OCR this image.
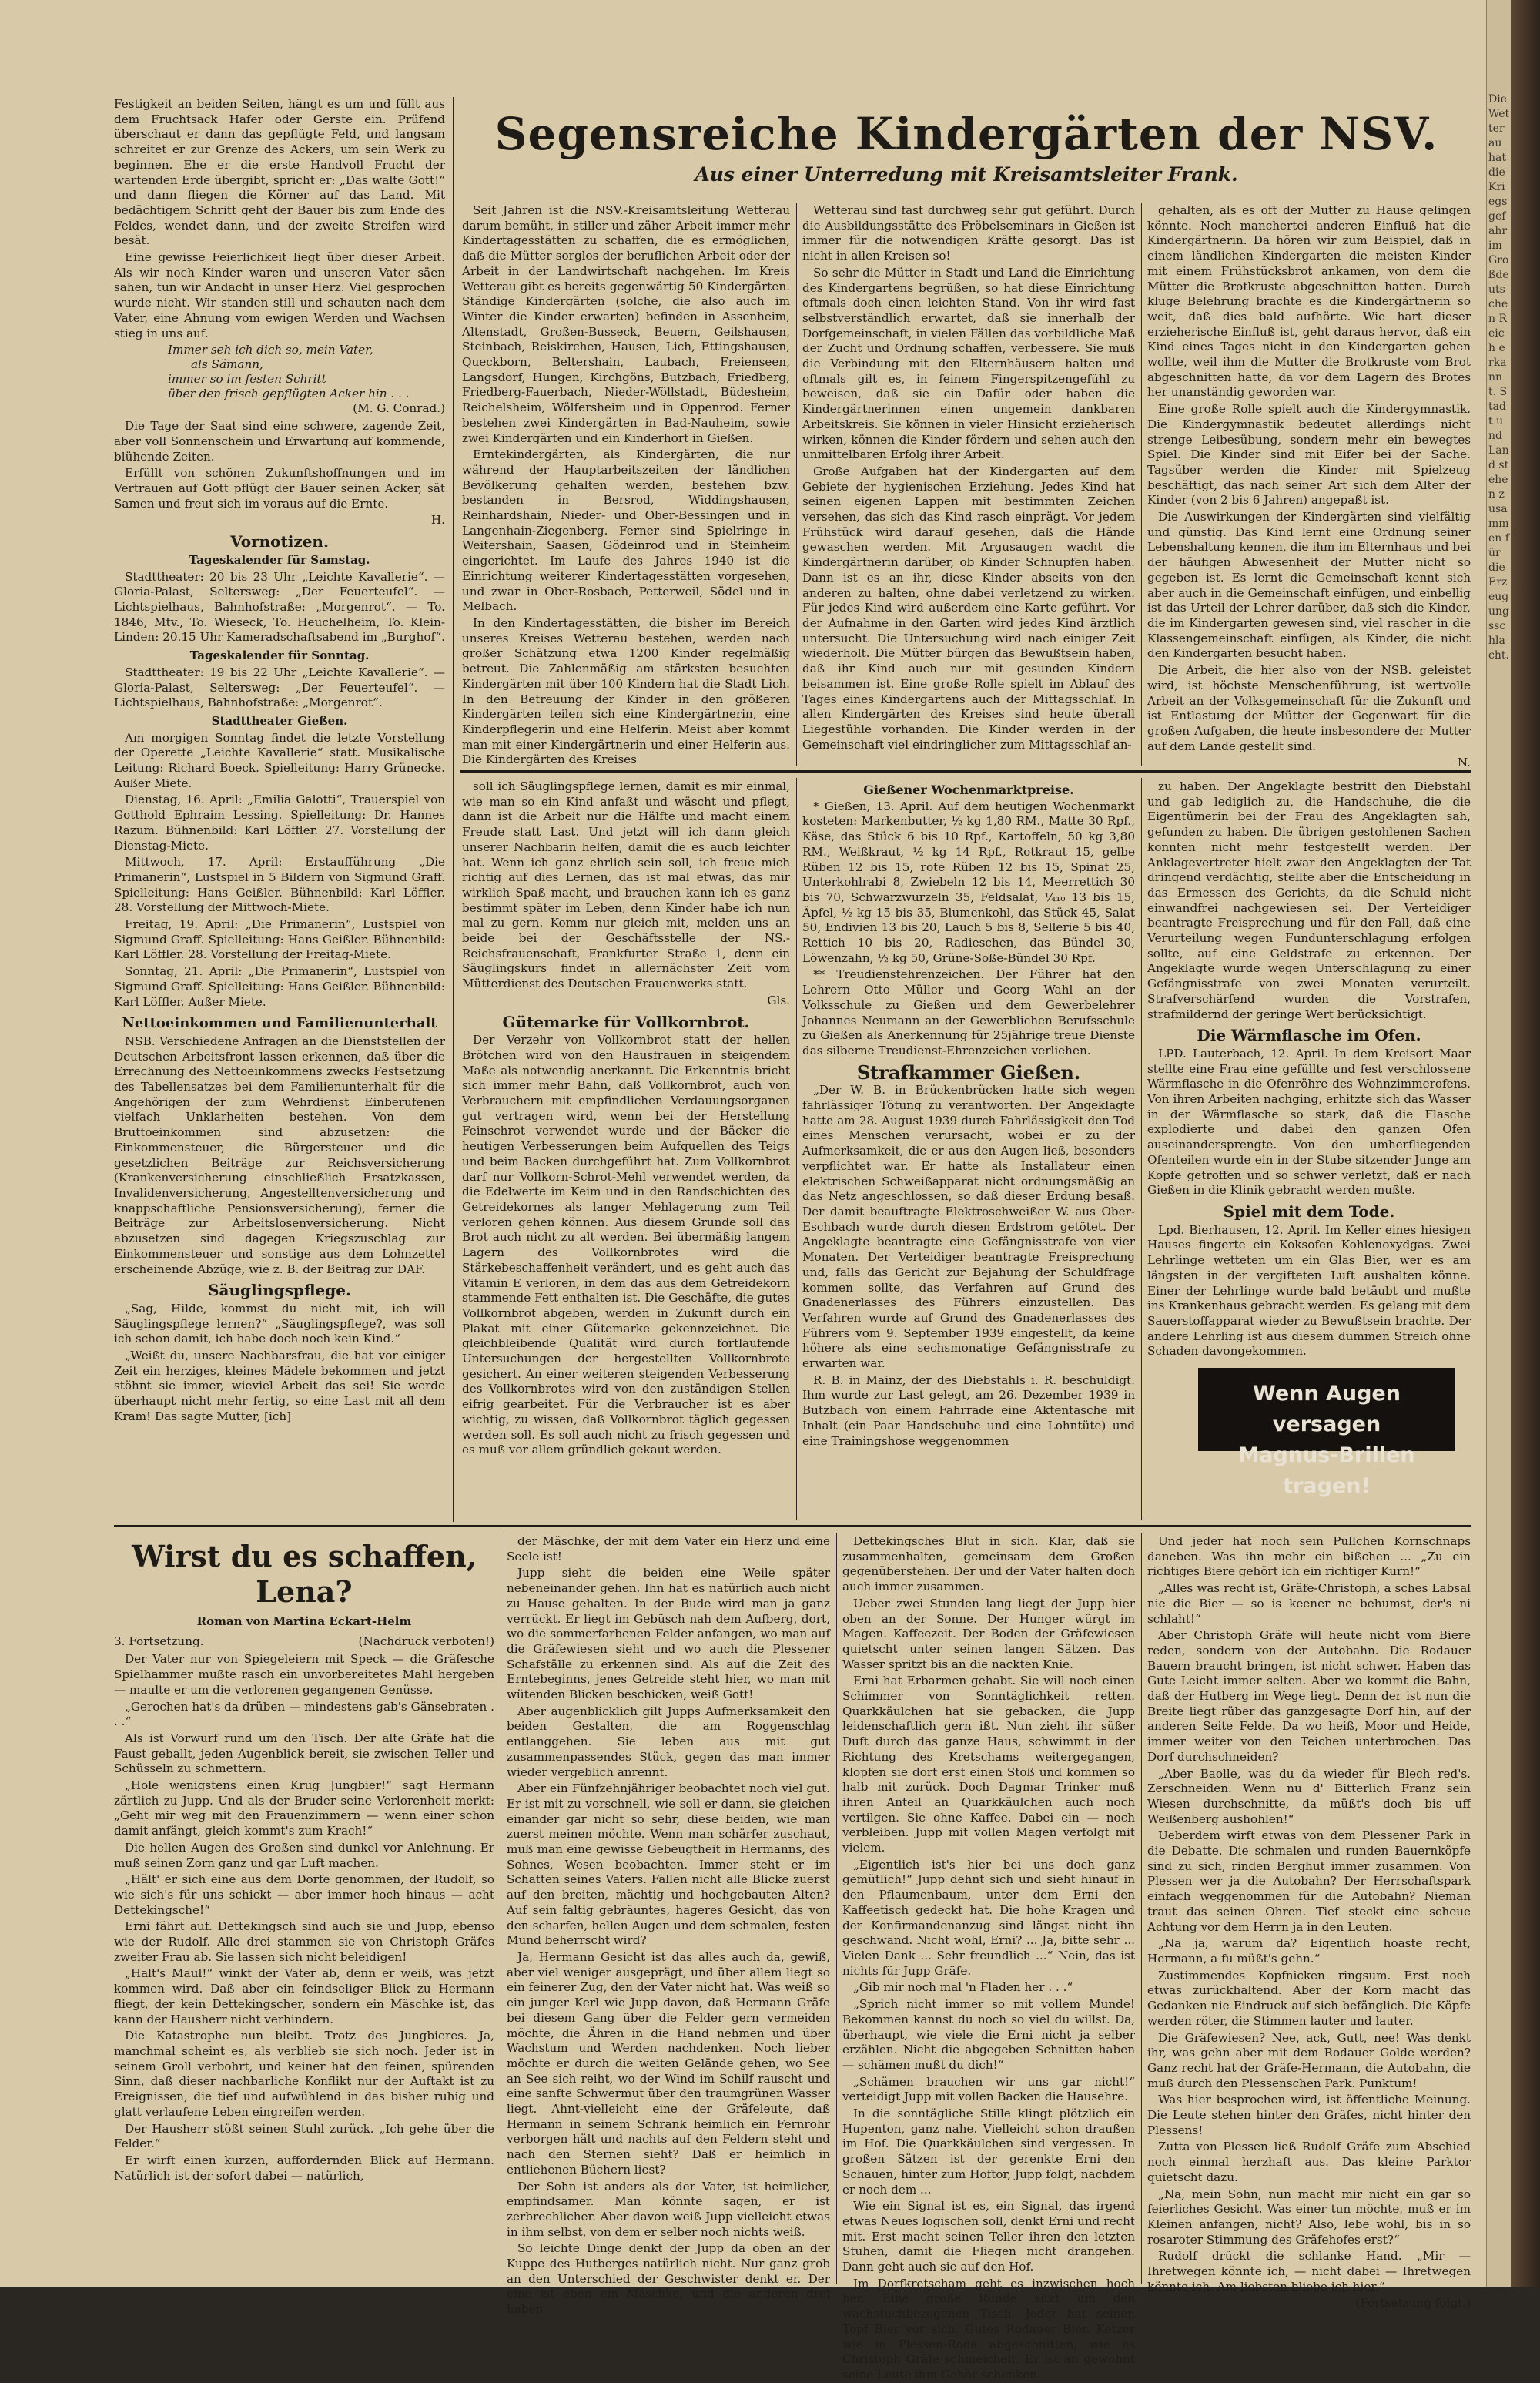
Festigkeit an beiden Seiten, hängt es um und füllt aus dem Fruchtsack Hafer oder Gerste ein. Prüfend überschaut er dann das gepflügte Feld, und langsam schreitet er zur Grenze des Ackers, um sein Werk zu beginnen. Ehe er die erste Handvoll Frucht der wartenden Erde übergibt, spricht er: „Das walte Gott!“ und dann fliegen die Körner auf das Land. Mit bedächtigem Schritt geht der Bauer bis zum Ende des Feldes, wendet dann, und der zweite Streifen wird besät.

Eine gewisse Feierlichkeit liegt über dieser Arbeit. Als wir noch Kinder waren und unseren Vater säen sahen, tun wir Andacht in unser Herz. Viel gesprochen wurde nicht. Wir standen still und schauten nach dem Vater, eine Ahnung vom ewigen Werden und Wachsen stieg in uns auf.

Immer seh ich dich so, mein Vater,
als Sämann,
immer so im festen Schritt
über den frisch gepflügten Acker hin . . .
(M. G. Conrad.)

Die Tage der Saat sind eine schwere, zagende Zeit, aber voll Sonnenschein und Erwartung auf kommende, blühende Zeiten.

Erfüllt von schönen Zukunftshoffnungen und im Vertrauen auf Gott pflügt der Bauer seinen Acker, sät Samen und freut sich im voraus auf die Ernte.

H.
Vornotizen.
Tageskalender für Samstag.

Stadttheater: 20 bis 23 Uhr „Leichte Kavallerie“. — Gloria-Palast, Seltersweg: „Der Feuerteufel“. — Lichtspielhaus, Bahnhofstraße: „Morgenrot“. — To. 1846, Mtv., To. Wieseck, To. Heuchelheim, To. Klein-Linden: 20.15 Uhr Kameradschaftsabend im „Burghof“.

Tageskalender für Sonntag.

Stadttheater: 19 bis 22 Uhr „Leichte Kavallerie“. — Gloria-Palast, Seltersweg: „Der Feuerteufel“. — Lichtspielhaus, Bahnhofstraße: „Morgenrot“.

Stadttheater Gießen.

Am morgigen Sonntag findet die letzte Vorstellung der Operette „Leichte Kavallerie“ statt. Musikalische Leitung: Richard Boeck. Spielleitung: Harry Grünecke. Außer Miete.

Dienstag, 16. April: „Emilia Galotti“, Trauerspiel von Gotthold Ephraim Lessing. Spielleitung: Dr. Hannes Razum. Bühnenbild: Karl Löffler. 27. Vorstellung der Dienstag-Miete.

Mittwoch, 17. April: Erstaufführung „Die Primanerin“, Lustspiel in 5 Bildern von Sigmund Graff. Spielleitung: Hans Geißler. Bühnenbild: Karl Löffler. 28. Vorstellung der Mittwoch-Miete.

Freitag, 19. April: „Die Primanerin“, Lustspiel von Sigmund Graff. Spielleitung: Hans Geißler. Bühnenbild: Karl Löffler. 28. Vorstellung der Freitag-Miete.

Sonntag, 21. April: „Die Primanerin“, Lustspiel von Sigmund Graff. Spielleitung: Hans Geißler. Bühnenbild: Karl Löffler. Außer Miete.

Nettoeinkommen und Familienunterhalt

NSB. Verschiedene Anfragen an die Dienststellen der Deutschen Arbeitsfront lassen erkennen, daß über die Errechnung des Nettoeinkommens zwecks Festsetzung des Tabellensatzes bei dem Familienunterhalt für die Angehörigen der zum Wehrdienst Einberufenen vielfach Unklarheiten bestehen. Von dem Bruttoeinkommen sind abzusetzen: die Einkommensteuer, die Bürgersteuer und die gesetzlichen Beiträge zur Reichsversicherung (Krankenversicherung einschließlich Ersatzkassen, Invalidenversicherung, Angestelltenversicherung und knappschaftliche Pensionsversicherung), ferner die Beiträge zur Arbeitslosenversicherung. Nicht abzusetzen sind dagegen Kriegszuschlag zur Einkommensteuer und sonstige aus dem Lohnzettel erscheinende Abzüge, wie z. B. der Beitrag zur DAF.

Säuglingspflege.

„Sag, Hilde, kommst du nicht mit, ich will Säuglingspflege lernen?“ „Säuglingspflege?, was soll ich schon damit, ich habe doch noch kein Kind.“

„Weißt du, unsere Nachbarsfrau, die hat vor einiger Zeit ein herziges, kleines Mädele bekommen und jetzt stöhnt sie immer, wieviel Arbeit das sei! Sie werde überhaupt nicht mehr fertig, so eine Last mit all dem Kram! Das sagte Mutter, [ich]

Segensreiche Kindergärten der NSV.
Aus einer Unterredung mit Kreisamtsleiter Frank.

Seit Jahren ist die NSV.-Kreisamtsleitung Wetterau darum bemüht, in stiller und zäher Arbeit immer mehr Kindertagesstätten zu schaffen, die es ermöglichen, daß die Mütter sorglos der beruflichen Arbeit oder der Arbeit in der Landwirtschaft nachgehen. Im Kreis Wetterau gibt es bereits gegenwärtig 50 Kindergärten. Ständige Kindergärten (solche, die also auch im Winter die Kinder erwarten) befinden in Assenheim, Altenstadt, Großen-Busseck, Beuern, Geilshausen, Steinbach, Reiskirchen, Hausen, Lich, Ettingshausen, Queckborn, Beltershain, Laubach, Freienseen, Langsdorf, Hungen, Kirchgöns, Butzbach, Friedberg, Friedberg-Fauerbach, Nieder-Wöllstadt, Büdesheim, Reichelsheim, Wölfersheim und in Oppenrod. Ferner bestehen zwei Kindergärten in Bad-Nauheim, sowie zwei Kindergärten und ein Kinderhort in Gießen.

Erntekindergärten, als Kindergärten, die nur während der Hauptarbeitszeiten der ländlichen Bevölkerung gehalten werden, bestehen bzw. bestanden in Bersrod, Widdingshausen, Reinhardshain, Nieder- und Ober-Bessingen und in Langenhain-Ziegenberg. Ferner sind Spielringe in Weitershain, Saasen, Gödeinrod und in Steinheim eingerichtet. Im Laufe des Jahres 1940 ist die Einrichtung weiterer Kindertagesstätten vorgesehen, und zwar in Ober-Rosbach, Petterweil, Södel und in Melbach.

In den Kindertagesstätten, die bisher im Bereich unseres Kreises Wetterau bestehen, werden nach großer Schätzung etwa 1200 Kinder regelmäßig betreut. Die Zahlenmäßig am stärksten besuchten Kindergärten mit über 100 Kindern hat die Stadt Lich. In den Betreuung der Kinder in den größeren Kindergärten teilen sich eine Kindergärtnerin, eine Kinderpflegerin und eine Helferin. Meist aber kommt man mit einer Kindergärtnerin und einer Helferin aus. Die Kindergärten des Kreises

Wetterau sind fast durchweg sehr gut geführt. Durch die Ausbildungsstätte des Fröbelseminars in Gießen ist immer für die notwendigen Kräfte gesorgt. Das ist nicht in allen Kreisen so!

So sehr die Mütter in Stadt und Land die Einrichtung des Kindergartens begrüßen, so hat diese Einrichtung oftmals doch einen leichten Stand. Von ihr wird fast selbstverständlich erwartet, daß sie innerhalb der Dorfgemeinschaft, in vielen Fällen das vorbildliche Maß der Zucht und Ordnung schaffen, verbessere. Sie muß die Verbindung mit den Elternhäusern halten und oftmals gilt es, in feinem Fingerspitzengefühl zu beweisen, daß sie ein Dafür oder haben die Kindergärtnerinnen einen ungemein dankbaren Arbeitskreis. Sie können in vieler Hinsicht erzieherisch wirken, können die Kinder fördern und sehen auch den unmittelbaren Erfolg ihrer Arbeit.

Große Aufgaben hat der Kindergarten auf dem Gebiete der hygienischen Erziehung. Jedes Kind hat seinen eigenen Lappen mit bestimmten Zeichen versehen, das sich das Kind rasch einprägt. Vor jedem Frühstück wird darauf gesehen, daß die Hände gewaschen werden. Mit Argusaugen wacht die Kindergärtnerin darüber, ob Kinder Schnupfen haben. Dann ist es an ihr, diese Kinder abseits von den anderen zu halten, ohne dabei verletzend zu wirken. Für jedes Kind wird außerdem eine Karte geführt. Vor der Aufnahme in den Garten wird jedes Kind ärztlich untersucht. Die Untersuchung wird nach einiger Zeit wiederholt. Die Mütter bürgen das Bewußtsein haben, daß ihr Kind auch nur mit gesunden Kindern beisammen ist. Eine große Rolle spielt im Ablauf des Tages eines Kindergartens auch der Mittagsschlaf. In allen Kindergärten des Kreises sind heute überall Liegestühle vorhanden. Die Kinder werden in der Gemeinschaft viel eindringlicher zum Mittagsschlaf an-

gehalten, als es oft der Mutter zu Hause gelingen könnte. Noch manchertei anderen Einfluß hat die Kindergärtnerin. Da hören wir zum Beispiel, daß in einem ländlichen Kindergarten die meisten Kinder mit einem Frühstücksbrot ankamen, von dem die Mütter die Brotkruste abgeschnitten hatten. Durch kluge Belehrung brachte es die Kindergärtnerin so weit, daß dies bald aufhörte. Wie hart dieser erzieherische Einfluß ist, geht daraus hervor, daß ein Kind eines Tages nicht in den Kindergarten gehen wollte, weil ihm die Mutter die Brotkruste vom Brot abgeschnitten hatte, da vor dem Lagern des Brotes her unanständig geworden war.

Eine große Rolle spielt auch die Kindergymnastik. Die Kindergymnastik bedeutet allerdings nicht strenge Leibesübung, sondern mehr ein bewegtes Spiel. Die Kinder sind mit Eifer bei der Sache. Tagsüber werden die Kinder mit Spielzeug beschäftigt, das nach seiner Art sich dem Alter der Kinder (von 2 bis 6 Jahren) angepaßt ist.

Die Auswirkungen der Kindergärten sind vielfältig und günstig. Das Kind lernt eine Ordnung seiner Lebenshaltung kennen, die ihm im Elternhaus und bei der häufigen Abwesenheit der Mutter nicht so gegeben ist. Es lernt die Gemeinschaft kennt sich aber auch in die Gemeinschaft einfügen, und einbellig ist das Urteil der Lehrer darüber, daß sich die Kinder, die im Kindergarten gewesen sind, viel rascher in die Klassengemeinschaft einfügen, als Kinder, die nicht den Kindergarten besucht haben.

Die Arbeit, die hier also von der NSB. geleistet wird, ist höchste Menschenführung, ist wertvolle Arbeit an der Volksgemeinschaft für die Zukunft und ist Entlastung der Mütter der Gegenwart für die großen Aufgaben, die heute insbesondere der Mutter auf dem Lande gestellt sind.

N.

soll ich Säuglingspflege lernen, damit es mir einmal, wie man so ein Kind anfaßt und wäscht und pflegt, dann ist die Arbeit nur die Hälfte und macht einem Freude statt Last. Und jetzt will ich dann gleich unserer Nachbarin helfen, damit die es auch leichter hat. Wenn ich ganz ehrlich sein soll, ich freue mich richtig auf dies Lernen, das ist mal etwas, das mir wirklich Spaß macht, und brauchen kann ich es ganz bestimmt später im Leben, denn Kinder habe ich nun mal zu gern. Komm nur gleich mit, melden uns an beide bei der Geschäftsstelle der NS.-Reichsfrauenschaft, Frankfurter Straße 1, denn ein Säuglingskurs findet in allernächster Zeit vom Mütterdienst des Deutschen Frauenwerks statt.

Gls.
Gütemarke für Vollkornbrot.

Der Verzehr von Vollkornbrot statt der hellen Brötchen wird von den Hausfrauen in steigendem Maße als notwendig anerkannt. Die Erkenntnis bricht sich immer mehr Bahn, daß Vollkornbrot, auch von Verbrauchern mit empfindlichen Verdauungsorganen gut vertragen wird, wenn bei der Herstellung Feinschrot verwendet wurde und der Bäcker die heutigen Verbesserungen beim Aufquellen des Teigs und beim Backen durchgeführt hat. Zum Vollkornbrot darf nur Vollkorn-Schrot-Mehl verwendet werden, da die Edelwerte im Keim und in den Randschichten des Getreidekornes als langer Mehlagerung zum Teil verloren gehen können. Aus diesem Grunde soll das Brot auch nicht zu alt werden. Bei übermäßig langem Lagern des Vollkornbrotes wird die Stärkebeschaffenheit verändert, und es geht auch das Vitamin E verloren, in dem das aus dem Getreidekorn stammende Fett enthalten ist. Die Geschäfte, die gutes Vollkornbrot abgeben, werden in Zukunft durch ein Plakat mit einer Gütemarke gekennzeichnet. Die gleichbleibende Qualität wird durch fortlaufende Untersuchungen der hergestellten Vollkornbrote gesichert. An einer weiteren steigenden Verbesserung des Vollkornbrotes wird von den zuständigen Stellen eifrig gearbeitet. Für die Verbraucher ist es aber wichtig, zu wissen, daß Vollkornbrot täglich gegessen werden soll. Es soll auch nicht zu frisch gegessen und es muß vor allem gründlich gekaut werden.

Gießener Wochenmarktpreise.

* Gießen, 13. April. Auf dem heutigen Wochenmarkt kosteten: Markenbutter, ½ kg 1,80 RM., Matte 30 Rpf., Käse, das Stück 6 bis 10 Rpf., Kartoffeln, 50 kg 3,80 RM., Weißkraut, ½ kg 14 Rpf., Rotkraut 15, gelbe Rüben 12 bis 15, rote Rüben 12 bis 15, Spinat 25, Unterkohlrabi 8, Zwiebeln 12 bis 14, Meerrettich 30 bis 70, Schwarzwurzeln 35, Feldsalat, ¼₁₀ 13 bis 15, Äpfel, ½ kg 15 bis 35, Blumenkohl, das Stück 45, Salat 50, Endivien 13 bis 20, Lauch 5 bis 8, Sellerie 5 bis 40, Rettich 10 bis 20, Radieschen, das Bündel 30, Löwenzahn, ½ kg 50, Grüne-Soße-Bündel 30 Rpf.

** Treudienstehrenzeichen. Der Führer hat den Lehrern Otto Müller und Georg Wahl an der Volksschule zu Gießen und dem Gewerbelehrer Johannes Neumann an der Gewerblichen Berufsschule zu Gießen als Anerkennung für 25jährige treue Dienste das silberne Treudienst-Ehrenzeichen verliehen.

Strafkammer Gießen.

„Der W. B. in Brückenbrücken hatte sich wegen fahrlässiger Tötung zu verantworten. Der Angeklagte hatte am 28. August 1939 durch Fahrlässigkeit den Tod eines Menschen verursacht, wobei er zu der Aufmerksamkeit, die er aus den Augen ließ, besonders verpflichtet war. Er hatte als Installateur einen elektrischen Schweißapparat nicht ordnungsmäßig an das Netz angeschlossen, so daß dieser Erdung besaß. Der damit beauftragte Elektroschweißer W. aus Ober-Eschbach wurde durch diesen Erdstrom getötet. Der Angeklagte beantragte eine Gefängnisstrafe von vier Monaten. Der Verteidiger beantragte Freisprechung und, falls das Gericht zur Bejahung der Schuldfrage kommen sollte, das Verfahren auf Grund des Gnadenerlasses des Führers einzustellen. Das Verfahren wurde auf Grund des Gnadenerlasses des Führers vom 9. September 1939 eingestellt, da keine höhere als eine sechsmonatige Gefängnisstrafe zu erwarten war.

R. B. in Mainz, der des Diebstahls i. R. beschuldigt. Ihm wurde zur Last gelegt, am 26. Dezember 1939 in Butzbach von einem Fahrrade eine Aktentasche mit Inhalt (ein Paar Handschuhe und eine Lohntüte) und eine Trainingshose weggenommen

zu haben. Der Angeklagte bestritt den Diebstahl und gab lediglich zu, die Handschuhe, die die Eigentümerin bei der Frau des Angeklagten sah, gefunden zu haben. Die übrigen gestohlenen Sachen konnten nicht mehr festgestellt werden. Der Anklagevertreter hielt zwar den Angeklagten der Tat dringend verdächtig, stellte aber die Entscheidung in das Ermessen des Gerichts, da die Schuld nicht einwandfrei nachgewiesen sei. Der Verteidiger beantragte Freisprechung und für den Fall, daß eine Verurteilung wegen Fundunterschlagung erfolgen sollte, auf eine Geldstrafe zu erkennen. Der Angeklagte wurde wegen Unterschlagung zu einer Gefängnisstrafe von zwei Monaten verurteilt. Strafverschärfend wurden die Vorstrafen, strafmildernd der geringe Wert berücksichtigt.

Die Wärmflasche im Ofen.

LPD. Lauterbach, 12. April. In dem Kreisort Maar stellte eine Frau eine gefüllte und fest verschlossene Wärmflasche in die Ofenröhre des Wohnzimmerofens. Von ihren Arbeiten nachging, erhitzte sich das Wasser in der Wärmflasche so stark, daß die Flasche explodierte und dabei den ganzen Ofen auseinandersprengte. Von den umherfliegenden Ofenteilen wurde ein in der Stube sitzender Junge am Kopfe getroffen und so schwer verletzt, daß er nach Gießen in die Klinik gebracht werden mußte.

Spiel mit dem Tode.

Lpd. Bierhausen, 12. April. Im Keller eines hiesigen Hauses fingerte ein Koksofen Kohlenoxydgas. Zwei Lehrlinge wetteten um ein Glas Bier, wer es am längsten in der vergifteten Luft aushalten könne. Einer der Lehrlinge wurde bald betäubt und mußte ins Krankenhaus gebracht werden. Es gelang mit dem Sauerstoffapparat wieder zu Bewußtsein brachte. Der andere Lehrling ist aus diesem dummen Streich ohne Schaden davongekommen.

Wenn Augen versagen
Magnus-Brillen tragen!
Wirst du es schaffen, Lena?
Roman von Martina Eckart-Helm
3. Fortsetzung.	(Nachdruck verboten!)

Der Vater nur von Spiegeleiern mit Speck — die Gräfesche Spielhammer mußte rasch ein unvorbereitetes Mahl hergeben — maulte er um die verlorenen gegangenen Genüsse.

„Gerochen hat's da drüben — mindestens gab's Gänsebraten . . .“

Als ist Vorwurf rund um den Tisch. Der alte Gräfe hat die Faust geballt, jeden Augenblick bereit, sie zwischen Teller und Schüsseln zu schmettern.

„Hole wenigstens einen Krug Jungbier!“ sagt Hermann zärtlich zu Jupp. Und als der Bruder seine Verlorenheit merkt: „Geht mir weg mit den Frauenzimmern — wenn einer schon damit anfängt, gleich kommt's zum Krach!“

Die hellen Augen des Großen sind dunkel vor Anlehnung. Er muß seinen Zorn ganz und gar Luft machen.

„Hält' er sich eine aus dem Dorfe genommen, der Rudolf, so wie sich's für uns schickt — aber immer hoch hinaus — acht Dettekingsche!“

Erni fährt auf. Dettekingsch sind auch sie und Jupp, ebenso wie der Rudolf. Alle drei stammen sie von Christoph Gräfes zweiter Frau ab. Sie lassen sich nicht beleidigen!

„Halt's Maul!“ winkt der Vater ab, denn er weiß, was jetzt kommen wird. Daß aber ein feindseliger Blick zu Hermann fliegt, der kein Dettekingscher, sondern ein Mäschke ist, das kann der Hausherr nicht verhindern.

Die Katastrophe nun bleibt. Trotz des Jungbieres. Ja, manchmal scheint es, als verblieb sie sich noch. Jeder ist in seinem Groll verbohrt, und keiner hat den feinen, spürenden Sinn, daß dieser nachbarliche Konflikt nur der Auftakt ist zu Ereignissen, die tief und aufwühlend in das bisher ruhig und glatt verlaufene Leben eingreifen werden.

Der Hausherr stößt seinen Stuhl zurück. „Ich gehe über die Felder.“

Er wirft einen kurzen, auffordernden Blick auf Hermann. Natürlich ist der sofort dabei — natürlich,

der Mäschke, der mit dem Vater ein Herz und eine Seele ist!

Jupp sieht die beiden eine Weile später nebeneinander gehen. Ihn hat es natürlich auch nicht zu Hause gehalten. In der Bude wird man ja ganz verrückt. Er liegt im Gebüsch nah dem Aufberg, dort, wo die sommerfarbenen Felder anfangen, wo man auf die Gräfewiesen sieht und wo auch die Plessener Schafställe zu erkennen sind. Als auf die Zeit des Erntebeginns, jenes Getreide steht hier, wo man mit wütenden Blicken beschicken, weiß Gott!

Aber augenblicklich gilt Jupps Aufmerksamkeit den beiden Gestalten, die am Roggenschlag entlanggehen. Sie leben aus mit gut zusammenpassendes Stück, gegen das man immer wieder vergeblich anrennt.

Aber ein Fünfzehnjähriger beobachtet noch viel gut. Er ist mit zu vorschnell, wie soll er dann, sie gleichen einander gar nicht so sehr, diese beiden, wie man zuerst meinen möchte. Wenn man schärfer zuschaut, muß man eine gewisse Gebeugtheit in Hermanns, des Sohnes, Wesen beobachten. Immer steht er im Schatten seines Vaters. Fallen nicht alle Blicke zuerst auf den breiten, mächtig und hochgebauten Alten? Auf sein faltig gebräuntes, hageres Gesicht, das von den scharfen, hellen Augen und dem schmalen, festen Mund beherrscht wird?

Ja, Hermann Gesicht ist das alles auch da, gewiß, aber viel weniger ausgeprägt, und über allem liegt so ein feinerer Zug, den der Vater nicht hat. Was weiß so ein junger Kerl wie Jupp davon, daß Hermann Gräfe bei diesem Gang über die Felder gern vermeiden möchte, die Ähren in die Hand nehmen und über Wachstum und Werden nachdenken. Noch lieber möchte er durch die weiten Gelände gehen, wo See an See sich reiht, wo der Wind im Schilf rauscht und eine sanfte Schwermut über den traumgrünen Wasser liegt. Ahnt-vielleicht eine der Gräfeleute, daß Hermann in seinem Schrank heimlich ein Fernrohr verborgen hält und nachts auf den Feldern steht und nach den Sternen sieht? Daß er heimlich in entliehenen Büchern liest?

Der Sohn ist anders als der Vater, ist heimlicher, empfindsamer. Man könnte sagen, er ist zerbrechlicher. Aber davon weiß Jupp vielleicht etwas in ihm selbst, von dem er selber noch nichts weiß.

So leichte Dinge denkt der Jupp da oben an der Kuppe des Hutberges natürlich nicht. Nur ganz grob an den Unterschied der Geschwister denkt er. Der eine ist eben ein Mäschke, und die anderen drei haben

Dettekingsches Blut in sich. Klar, daß sie zusammenhalten, gemeinsam dem Großen gegenüberstehen. Der und der Vater halten doch auch immer zusammen.

Ueber zwei Stunden lang liegt der Jupp hier oben an der Sonne. Der Hunger würgt im Magen. Kaffeezeit. Der Boden der Gräfewiesen quietscht unter seinen langen Sätzen. Das Wasser spritzt bis an die nackten Knie.

Erni hat Erbarmen gehabt. Sie will noch einen Schimmer von Sonntäglichkeit retten. Quarkkäulchen hat sie gebacken, die Jupp leidenschaftlich gern ißt. Nun zieht ihr süßer Duft durch das ganze Haus, schwimmt in der Richtung des Kretschams weitergegangen, klopfen sie dort erst einen Stoß und kommen so halb mit zurück. Doch Dagmar Trinker muß ihren Anteil an Quarkkäulchen auch noch vertilgen. Sie ohne Kaffee. Dabei ein — noch verbleiben. Jupp mit vollen Magen verfolgt mit vielem.

„Eigentlich ist's hier bei uns doch ganz gemütlich!“ Jupp dehnt sich und sieht hinauf in den Pflaumenbaum, unter dem Erni den Kaffeetisch gedeckt hat. Die hohe Kragen und der Konfirmandenanzug sind längst nicht ihn geschwand. Nicht wohl, Erni? ... Ja, bitte sehr ... Vielen Dank ... Sehr freundlich ...“ Nein, das ist nichts für Jupp Gräfe.

„Gib mir noch mal 'n Fladen her . . .“

„Sprich nicht immer so mit vollem Munde! Bekommen kannst du noch so viel du willst. Da, überhaupt, wie viele die Erni nicht ja selber erzählen. Nicht die abgegeben Schnitten haben — schämen mußt du dich!“

„Schämen brauchen wir uns gar nicht!“ verteidigt Jupp mit vollen Backen die Hausehre.

In die sonntägliche Stille klingt plötzlich ein Hupenton, ganz nahe. Vielleicht schon draußen im Hof. Die Quarkkäulchen sind vergessen. In großen Sätzen ist der gerenkte Erni den Schauen, hinter zum Hoftor, Jupp folgt, nachdem er noch dem ...

Wie ein Signal ist es, ein Signal, das irgend etwas Neues logischen soll, denkt Erni und recht mit. Erst macht seinen Teller ihren den letzten Stuhen, damit die Fliegen nicht drangehen. Dann geht auch sie auf den Hof.

Im Dorfkretscham geht es inzwischen hoch her. Eine große Runde sitzt um den wachstuchbezogenen Tisch. Jeder hat seinen Topf Bier vor sich. Gutes Rodauer Bier. Ketzer wie in Plessen-Roda abgeschnitten, wie es Christoph Gräfe schmeichelt. Er ist an gewohnt seine Leute ihm Gehör schenken.

Und jeder hat noch sein Pullchen Kornschnaps daneben. Was ihn mehr ein bißchen ... „Zu ein richtiges Biere gehört ich ein richtiger Kurn!“

„Alles was recht ist, Gräfe-Christoph, a sches Labsal nie die Bier — so is keener ne behumst, der's ni schlaht!“

Aber Christoph Gräfe will heute nicht vom Biere reden, sondern von der Autobahn. Die Rodauer Bauern braucht bringen, ist nicht schwer. Haben das Gute Leicht immer selten. Aber wo kommt die Bahn, daß der Hutberg im Wege liegt. Denn der ist nun die Breite liegt rüber das ganzgesagte Dorf hin, auf der anderen Seite Felde. Da wo heiß, Moor und Heide, immer weiter von den Teichen unterbrochen. Das Dorf durchschneiden?

„Aber Baolle, was du da wieder für Blech red's. Zerschneiden. Wenn nu d' Bitterlich Franz sein Wiesen durchschnitte, da müßt's doch bis uff Weißenberg aushohlen!“

Ueberdem wirft etwas von dem Plessener Park in die Debatte. Die schmalen und runden Bauernköpfe sind zu sich, rinden Berghut immer zusammen. Von Plessen wer ja die Autobahn? Der Herrschaftspark einfach weggenommen für die Autobahn? Nieman traut das seinen Ohren. Tief steckt eine scheue Achtung vor dem Herrn ja in den Leuten.

„Na ja, warum da? Eigentlich hoaste recht, Hermann, a fu müßt's gehn.“

Zustimmendes Kopfnicken ringsum. Erst noch etwas zurückhaltend. Aber der Korn macht das Gedanken nie Eindruck auf sich befänglich. Die Köpfe werden röter, die Stimmen lauter und lauter.

Die Gräfewiesen? Nee, ack, Gutt, nee! Was denkt ihr, was gehn aber mit dem Rodauer Golde werden? Ganz recht hat der Gräfe-Hermann, die Autobahn, die muß durch den Plessenschen Park. Punktum!

Was hier besprochen wird, ist öffentliche Meinung. Die Leute stehen hinter den Gräfes, nicht hinter den Plessens!

Zutta von Plessen ließ Rudolf Gräfe zum Abschied noch einmal herzhaft aus. Das kleine Parktor quietscht dazu.

„Na, mein Sohn, nun macht mir nicht ein gar so feierliches Gesicht. Was einer tun möchte, muß er im Kleinen anfangen, nicht? Also, lebe wohl, bis in so rosaroter Stimmung des Gräfehofes erst?“

Rudolf drückt die schlanke Hand. „Mir — Ihretwegen könnte ich, — nicht dabei — Ihretwegen könnte ich. Am liebsten bliebe ich hier.“

(Fortsetzung folgt.)
Die Wetterau hat die Kriegsgefahr im Großdeutschen Reich erkannt. Stadt und Land stehen zusammen für die Erzeugungsschlacht.
